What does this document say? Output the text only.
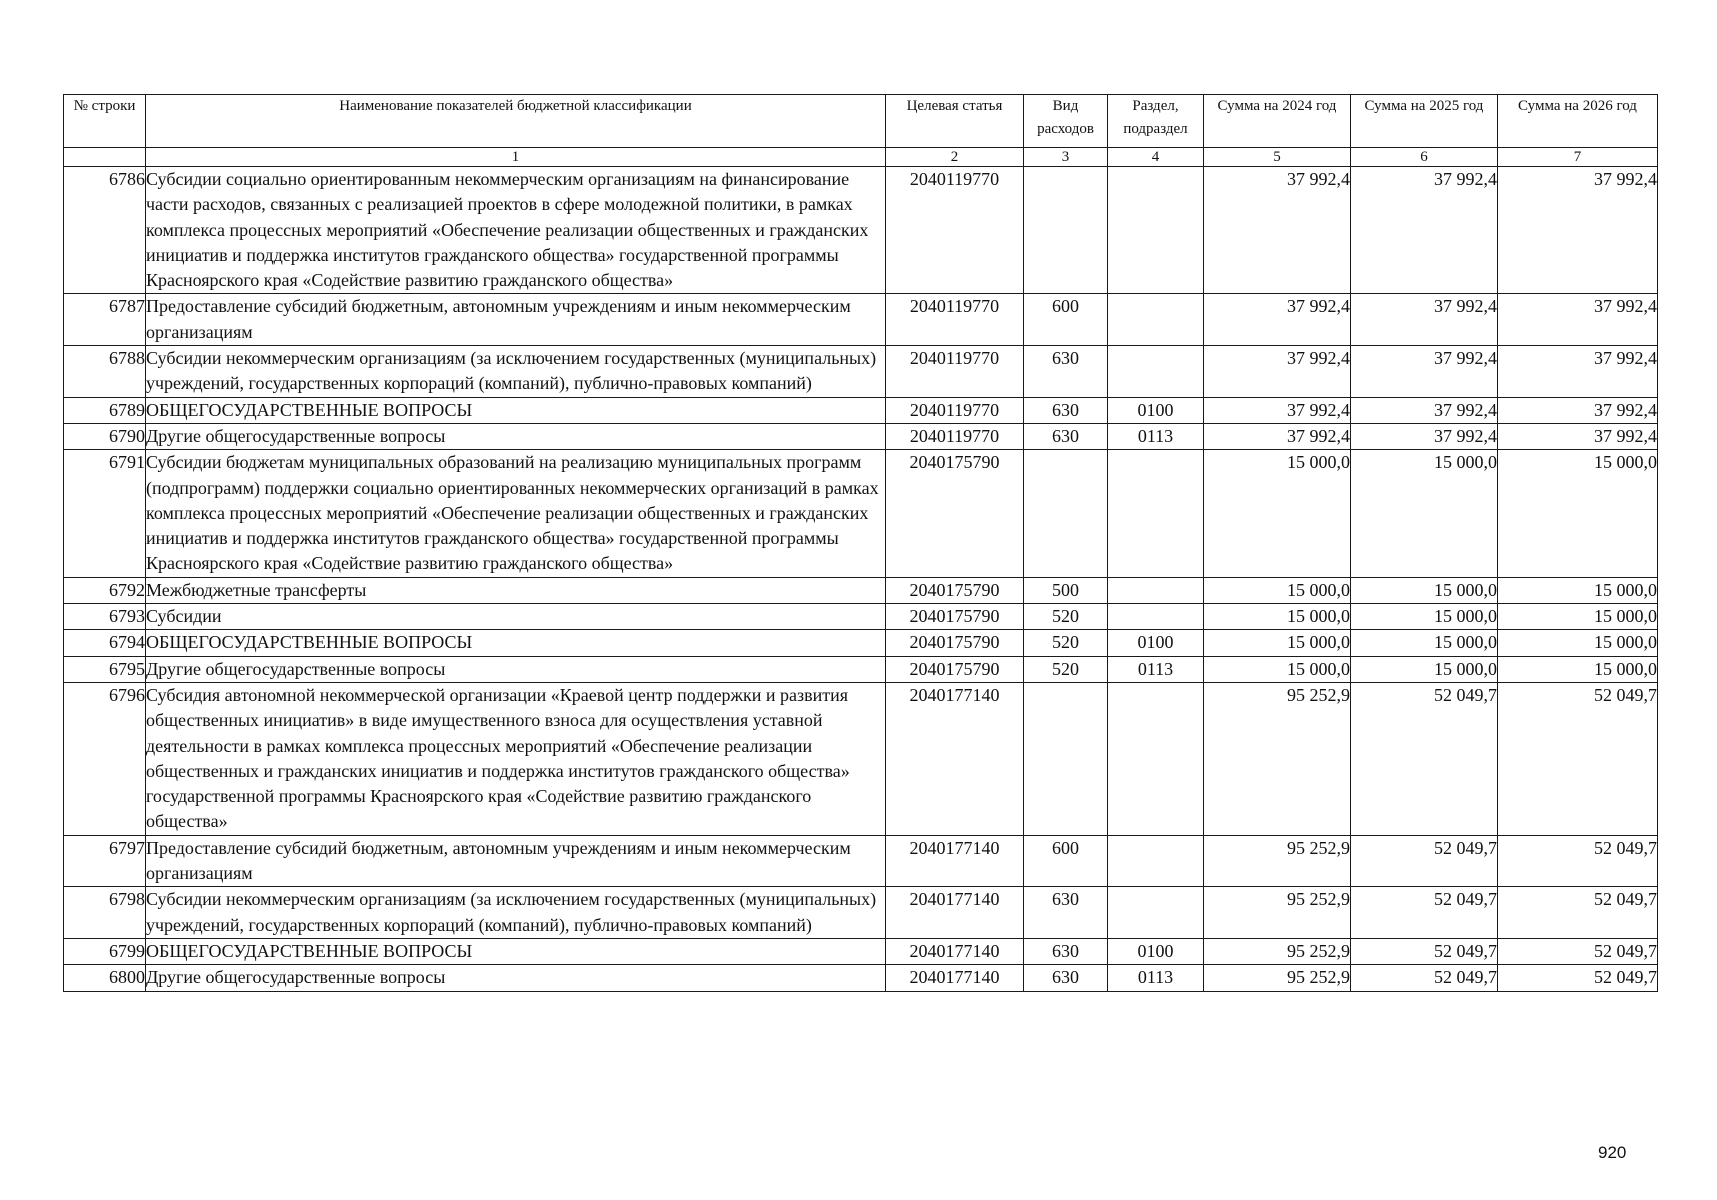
№ строки	Наименование показателей бюджетной классификации	Целевая статья	Вид расходов	Раздел, подраздел	Сумма на 2024 год	Сумма на 2025 год	Сумма на 2026 год
	1	2	3	4	5	6	7
6786	Субсидии социально ориентированным некоммерческим организациям на финансирование части расходов, связанных с реализацией проектов в сфере молодежной политики, в рамках комплекса процессных мероприятий «Обеспечение реализации общественных и гражданских инициатив и поддержка институтов гражданского общества» государственной программы Красноярского края «Содействие развитию гражданского общества»	2040119770			37 992,4	37 992,4	37 992,4
6787	Предоставление субсидий бюджетным, автономным учреждениям и иным некоммерческим организациям	2040119770	600		37 992,4	37 992,4	37 992,4
6788	Субсидии некоммерческим организациям (за исключением государственных (муниципальных) учреждений, государственных корпораций (компаний), публично-правовых компаний)	2040119770	630		37 992,4	37 992,4	37 992,4
6789	ОБЩЕГОСУДАРСТВЕННЫЕ ВОПРОСЫ	2040119770	630	0100	37 992,4	37 992,4	37 992,4
6790	Другие общегосударственные вопросы	2040119770	630	0113	37 992,4	37 992,4	37 992,4
6791	Субсидии бюджетам муниципальных образований на реализацию муниципальных программ (подпрограмм) поддержки социально ориентированных некоммерческих организаций в рамках комплекса процессных мероприятий «Обеспечение реализации общественных и гражданских инициатив и поддержка институтов гражданского общества» государственной программы Красноярского края «Содействие развитию гражданского общества»	2040175790			15 000,0	15 000,0	15 000,0
6792	Межбюджетные трансферты	2040175790	500		15 000,0	15 000,0	15 000,0
6793	Субсидии	2040175790	520		15 000,0	15 000,0	15 000,0
6794	ОБЩЕГОСУДАРСТВЕННЫЕ ВОПРОСЫ	2040175790	520	0100	15 000,0	15 000,0	15 000,0
6795	Другие общегосударственные вопросы	2040175790	520	0113	15 000,0	15 000,0	15 000,0
6796	Субсидия автономной некоммерческой организации «Краевой центр поддержки и развития общественных инициатив» в виде имущественного взноса для осуществления уставной деятельности в рамках комплекса процессных мероприятий «Обеспечение реализации общественных и гражданских инициатив и поддержка институтов гражданского общества» государственной программы Красноярского края «Содействие развитию гражданского общества»	2040177140			95 252,9	52 049,7	52 049,7
6797	Предоставление субсидий бюджетным, автономным учреждениям и иным некоммерческим организациям	2040177140	600		95 252,9	52 049,7	52 049,7
6798	Субсидии некоммерческим организациям (за исключением государственных (муниципальных) учреждений, государственных корпораций (компаний), публично-правовых компаний)	2040177140	630		95 252,9	52 049,7	52 049,7
6799	ОБЩЕГОСУДАРСТВЕННЫЕ ВОПРОСЫ	2040177140	630	0100	95 252,9	52 049,7	52 049,7
6800	Другие общегосударственные вопросы	2040177140	630	0113	95 252,9	52 049,7	52 049,7
920
